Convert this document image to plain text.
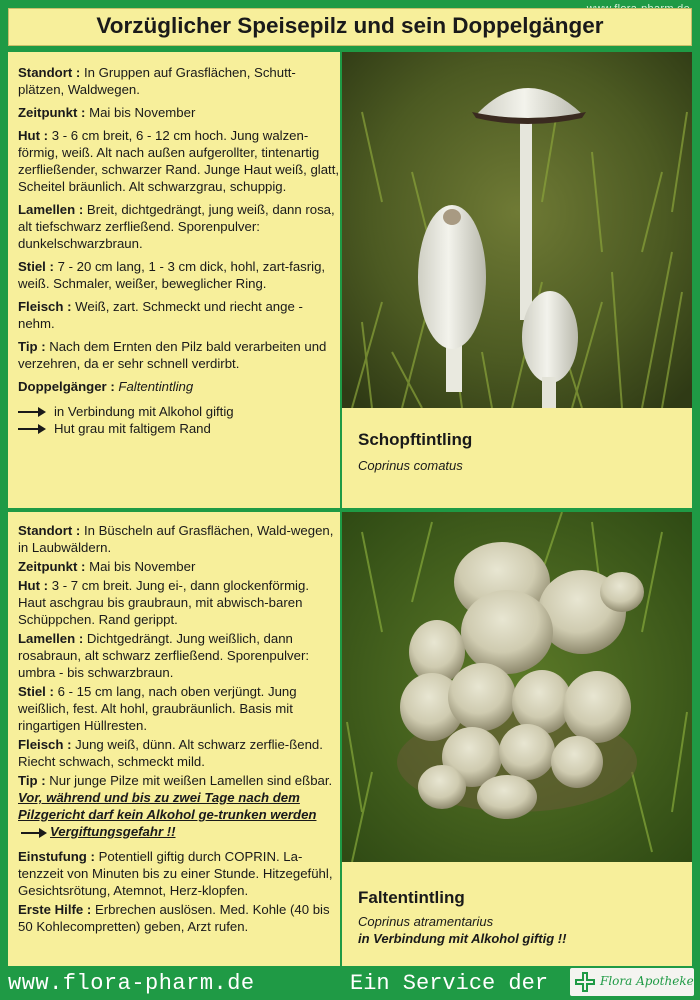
Vorzüglicher Speisepilz und sein Doppelgänger

Standort : In Gruppen auf Grasflächen, Schutt-plätzen, Waldwegen.

Zeitpunkt : Mai bis November

Hut : 3 - 6 cm breit, 6 - 12 cm hoch. Jung walzen-förmig, weiß. Alt nach außen aufgerollter, tintenartig zerfließender, schwarzer Rand. Junge Haut weiß, glatt, Scheitel bräunlich. Alt schwarzgrau, schuppig.

Lamellen : Breit, dichtgedrängt, jung weiß, dann rosa, alt tiefschwarz zerfließend. Sporenpulver: dunkelschwarzbraun.

Stiel : 7 - 20 cm lang, 1 - 3 cm dick, hohl, zart-fasrig, weiß. Schmaler, weißer, beweglicher Ring.

Fleisch : Weiß, zart. Schmeckt und riecht ange - nehm.

Tip : Nach dem Ernten den Pilz bald verarbeiten und verzehren, da er sehr schnell verdirbt.

Doppelgänger : Faltentintling

in Verbindung mit Alkohol giftig
Hut grau mit faltigem Rand

Schopftintling

Coprinus comatus

Standort : In Büscheln auf Grasflächen, Wald-wegen, in Laubwäldern.

Zeitpunkt : Mai bis November

Hut : 3 - 7 cm breit. Jung ei-, dann glockenförmig. Haut aschgrau bis graubraun, mit abwisch-baren Schüppchen. Rand gerippt.

Lamellen : Dichtgedrängt. Jung weißlich, dann rosabraun, alt schwarz zerfließend. Sporenpulver: umbra - bis schwarzbraun.

Stiel : 6 - 15 cm lang, nach oben verjüngt. Jung weißlich, fest. Alt hohl, graubräunlich. Basis mit ringartigen Hüllresten.

Fleisch : Jung weiß, dünn. Alt schwarz zerflie-ßend. Riecht schwach, schmeckt mild.

Tip : Nur junge Pilze mit weißen Lamellen sind eßbar. Vor, während und bis zu zwei Tage nach dem Pilzgericht darf kein Alkohol ge-trunken werdenVergiftungsgefahr !!

Einstufung : Potentiell giftig durch COPRIN. La-tenzzeit von Minuten bis zu einer Stunde. Hitzegefühl, Gesichtsrötung, Atemnot, Herz-klopfen.

Erste Hilfe : Erbrechen auslösen. Med. Kohle (40 bis 50 Kohlecompretten) geben, Arzt rufen.

Faltentintling

Coprinus atramentarius

in Verbindung mit Alkohol giftig !!

www.flora-pharm.de	Ein Service der	Flora Apotheke
